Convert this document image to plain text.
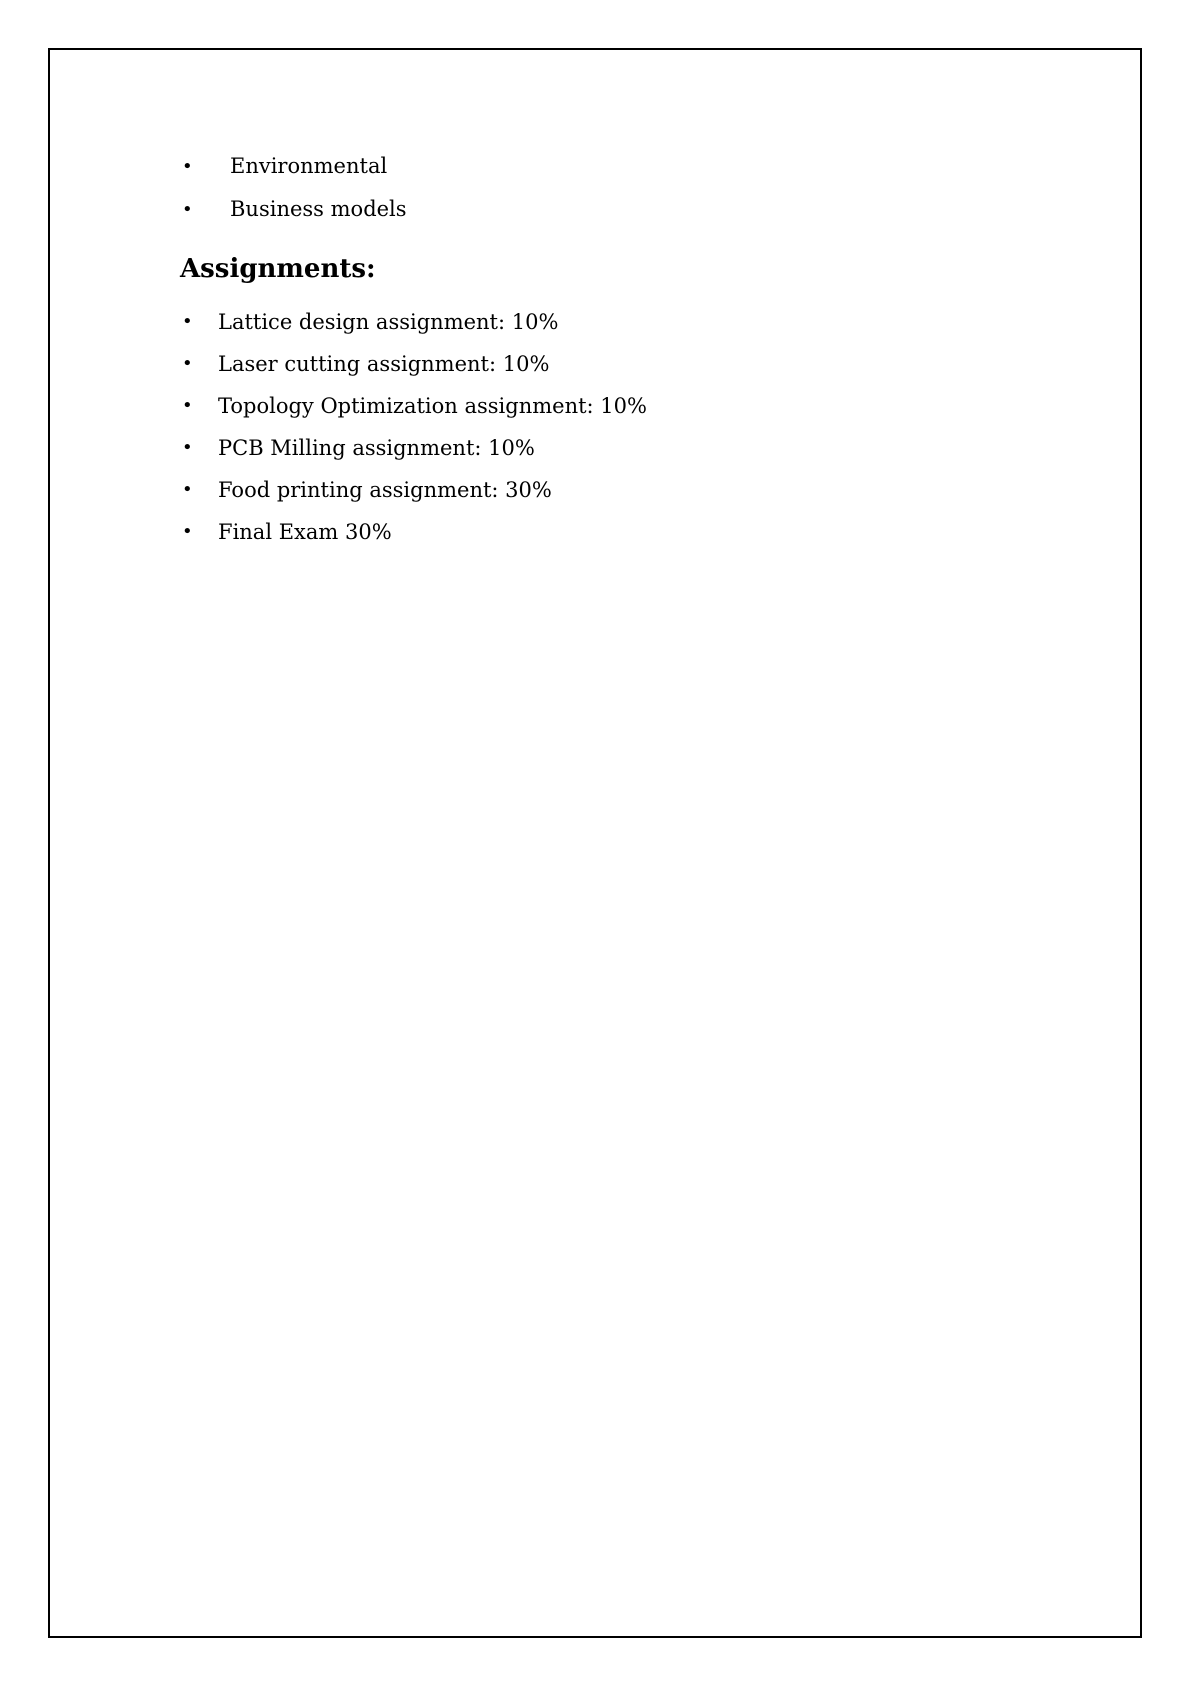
• Environmental
• Business models
Assignments:
• Lattice design assignment: 10%
• Laser cutting assignment: 10%
• Topology Optimization assignment: 10%
• PCB Milling assignment: 10%
• Food printing assignment: 30%
• Final Exam 30%
